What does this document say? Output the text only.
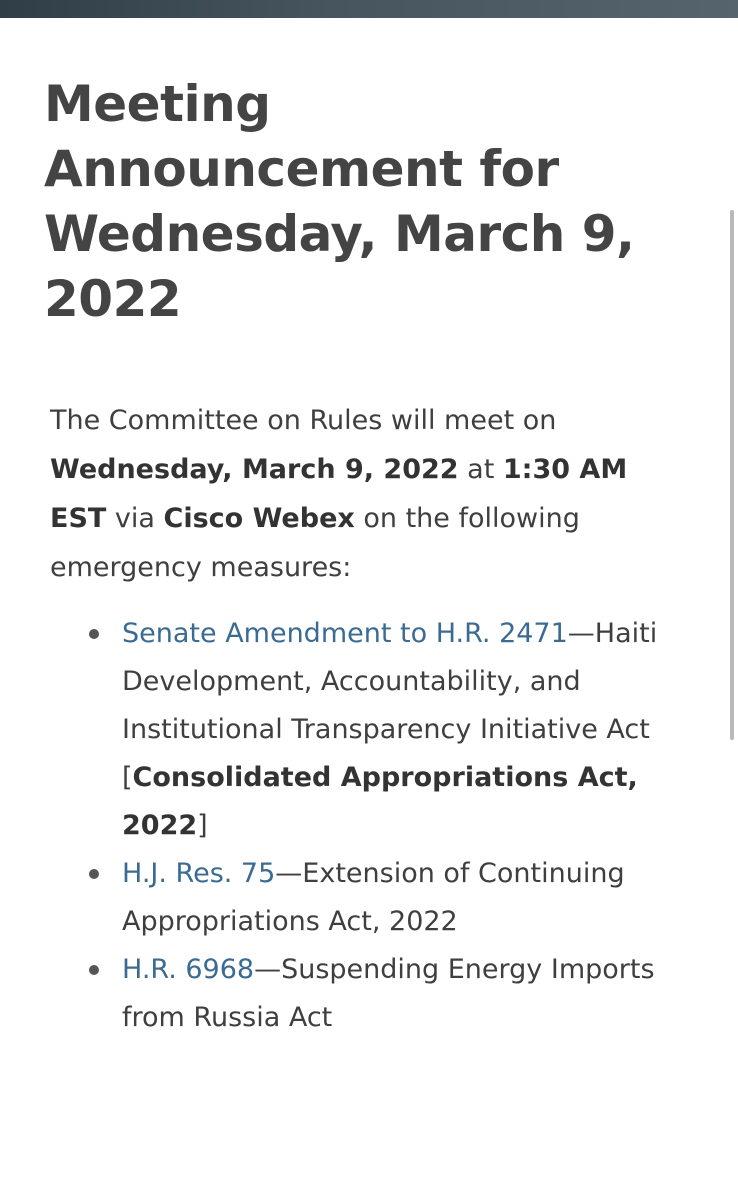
Meeting Announcement for Wednesday, March 9, 2022

The Committee on Rules will meet on Wednesday, March 9, 2022 at 1:30 AM EST via Cisco Webex on the following emergency measures:

Senate Amendment to H.R. 2471—Haiti Development, Accountability, and Institutional Transparency Initiative Act [Consolidated Appropriations Act, 2022]
H.J. Res. 75—Extension of Continuing Appropriations Act, 2022
H.R. 6968—Suspending Energy Imports from Russia Act
